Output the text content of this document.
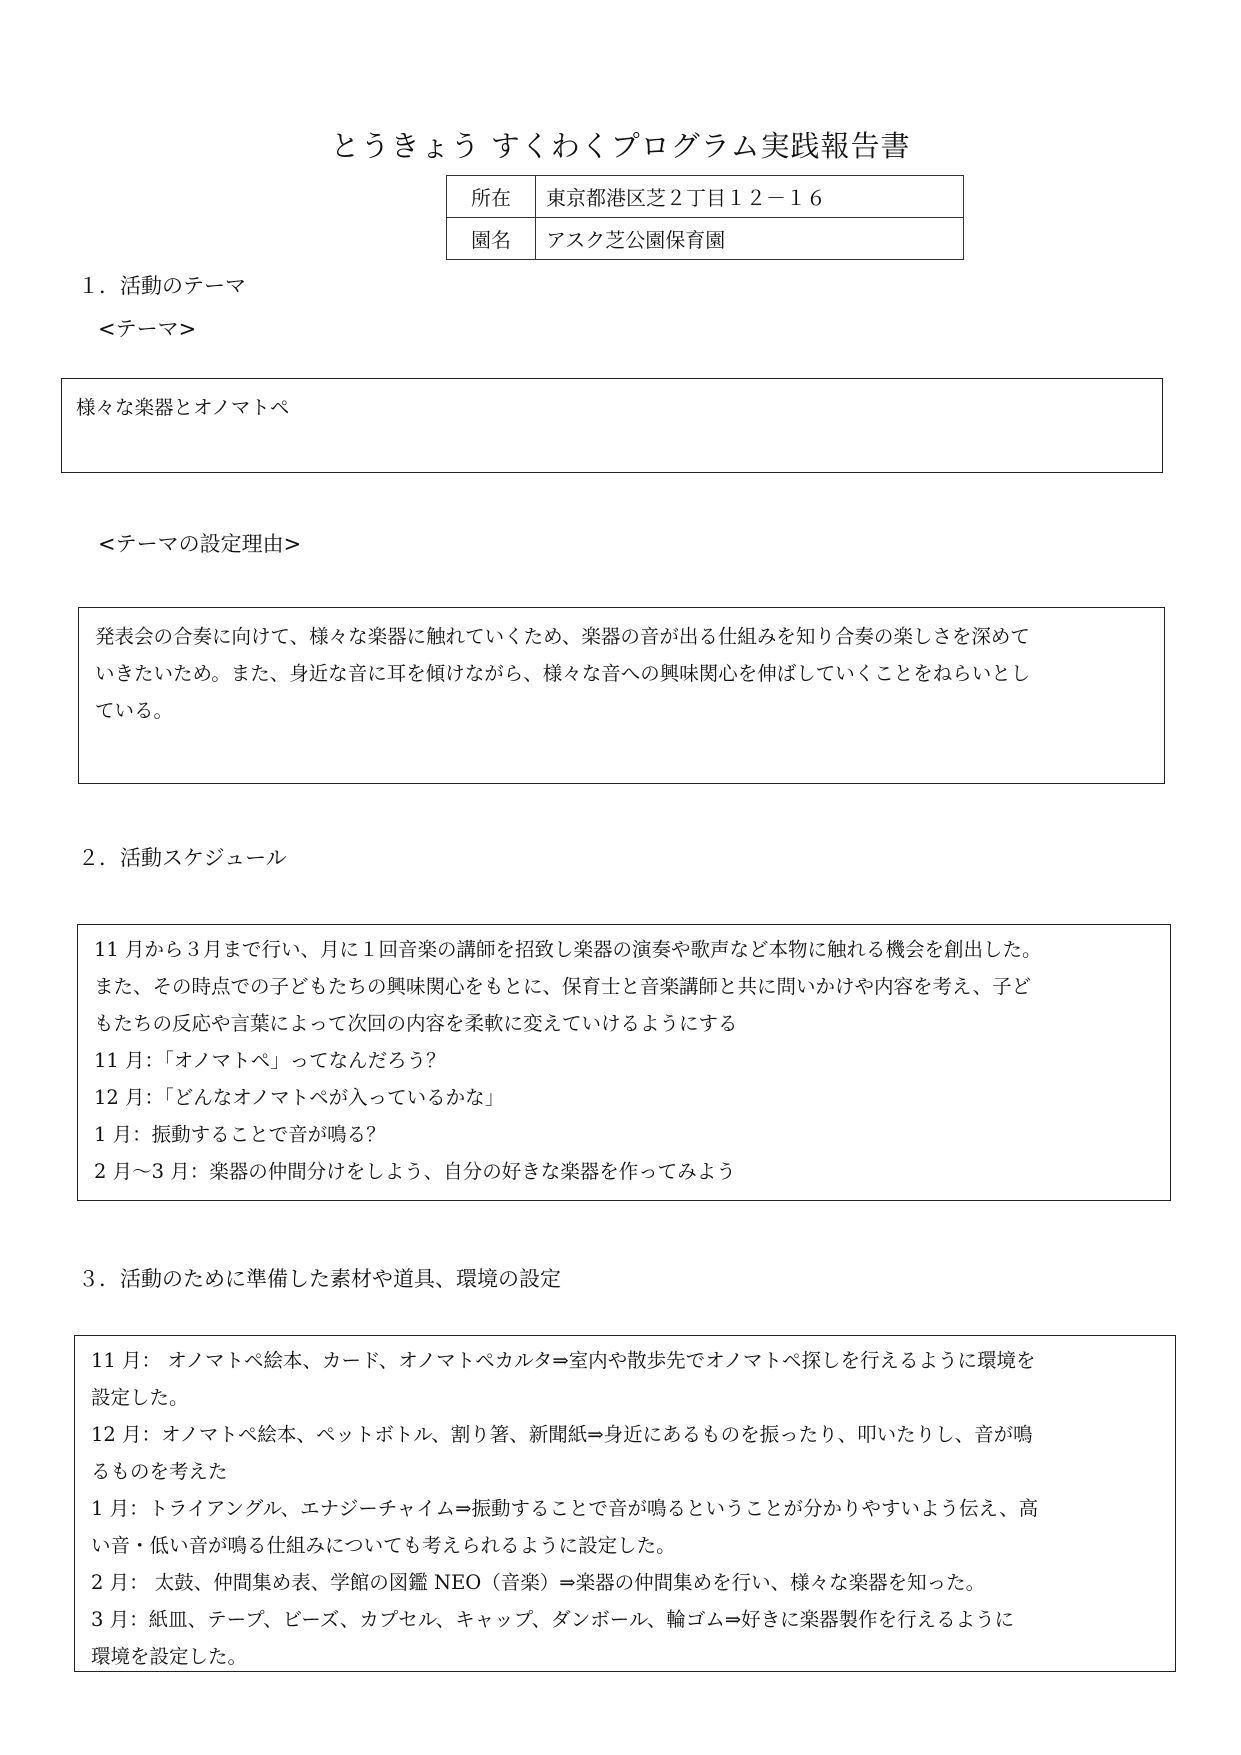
とうきょう すくわくプログラム実践報告書
所在	東京都港区芝２丁目１２－１６
園名	アスク芝公園保育園
１．活動のテーマ
<テーマ>

様々な楽器とオノマトペ

<テーマの設定理由>

発表会の合奏に向けて、様々な楽器に触れていくため、楽器の音が出る仕組みを知り合奏の楽しさを深めて

いきたいため。また、身近な音に耳を傾けながら、様々な音への興味関心を伸ばしていくことをねらいとし

ている。

２．活動スケジュール

11 月から３月まで行い、月に１回音楽の講師を招致し楽器の演奏や歌声など本物に触れる機会を創出した。

また、その時点での子どもたちの興味関心をもとに、保育士と音楽講師と共に問いかけや内容を考え、子ど

もたちの反応や言葉によって次回の内容を柔軟に変えていけるようにする

11 月：「オノマトペ」ってなんだろう？

12 月：「どんなオノマトペが入っているかな」

1 月：振動することで音が鳴る？

2 月～3 月：楽器の仲間分けをしよう、自分の好きな楽器を作ってみよう

３．活動のために準備した素材や道具、環境の設定

11 月： オノマトペ絵本、カード、オノマトペカルタ⇒室内や散歩先でオノマトペ探しを行えるように環境を

設定した。

12 月：オノマトペ絵本、ペットボトル、割り箸、新聞紙⇒身近にあるものを振ったり、叩いたりし、音が鳴

るものを考えた

1 月：トライアングル、エナジーチャイム⇒振動することで音が鳴るということが分かりやすいよう伝え、高

い音・低い音が鳴る仕組みについても考えられるように設定した。

2 月： 太鼓、仲間集め表、学館の図鑑 NEO（音楽）⇒楽器の仲間集めを行い、様々な楽器を知った。

3 月：紙皿、テープ、ビーズ、カプセル、キャップ、ダンボール、輪ゴム⇒好きに楽器製作を行えるように

環境を設定した。
